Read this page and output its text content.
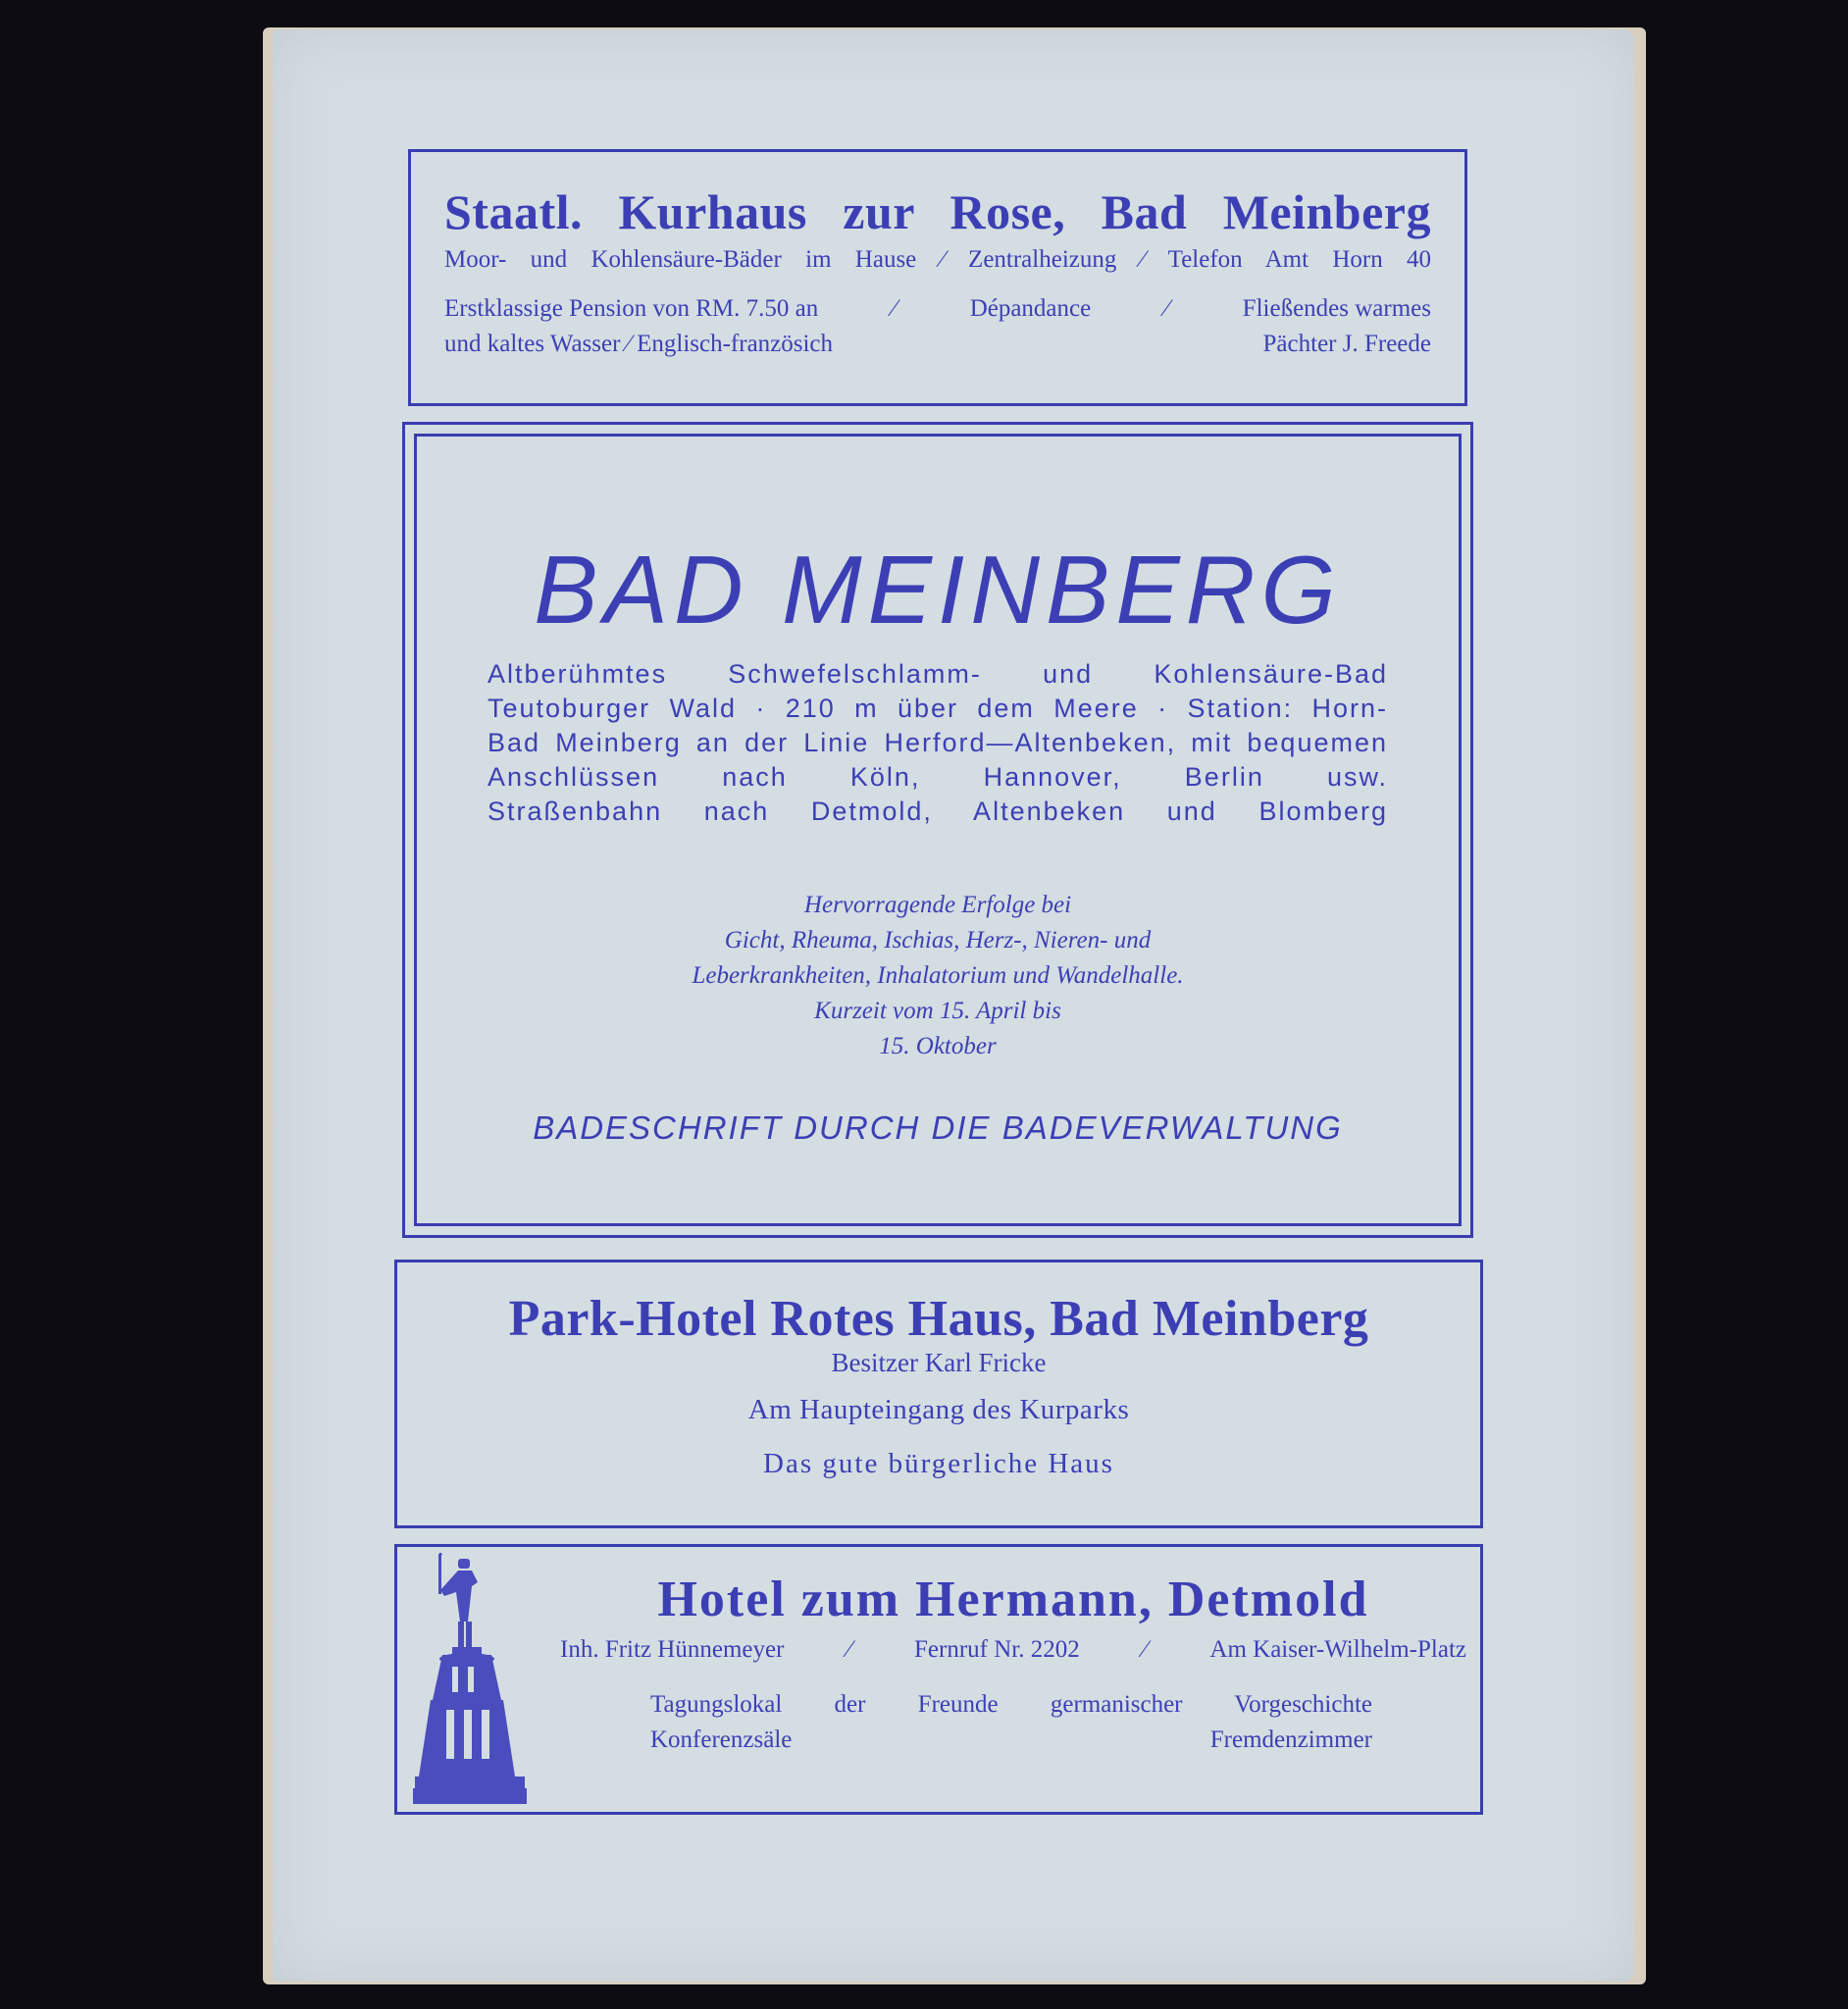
Staatl. Kurhaus zur Rose, Bad Meinberg
Moor- und Kohlensäure-Bäder im Hause ⁄ Zentralheizung ⁄ Telefon Amt Horn 40
Erstklassige Pension von RM. 7.50 an	⁄	Dépandance	⁄	Fließendes warmes
und kaltes Wasser ⁄ Englisch-französich	Pächter J. Freede
BAD MEINBERG
Altberühmtes Schwefelschlamm- und Kohlensäure-Bad
Teutoburger Wald · 210 m über dem Meere · Station: Horn-
Bad Meinberg an der Linie Herford—Altenbeken, mit bequemen
Anschlüssen nach Köln, Hannover, Berlin usw.
Straßenbahn nach Detmold, Altenbeken und Blomberg
Hervorragende Erfolge bei
Gicht, Rheuma, Ischias, Herz-, Nieren- und
Leberkrankheiten, Inhalatorium und Wandelhalle.
Kurzeit vom 15. April bis
15. Oktober
BADESCHRIFT DURCH DIE BADEVERWALTUNG
Park-Hotel Rotes Haus, Bad Meinberg
Besitzer Karl Fricke
Am Haupteingang des Kurparks
Das gute bürgerliche Haus
Hotel zum Hermann, Detmold
Inh. Fritz Hünnemeyer	⁄	Fernruf Nr. 2202	⁄	Am Kaiser-Wilhelm-Platz
Tagungslokal der Freunde germanischer Vorgeschichte
Konferenzsäle	Fremdenzimmer
